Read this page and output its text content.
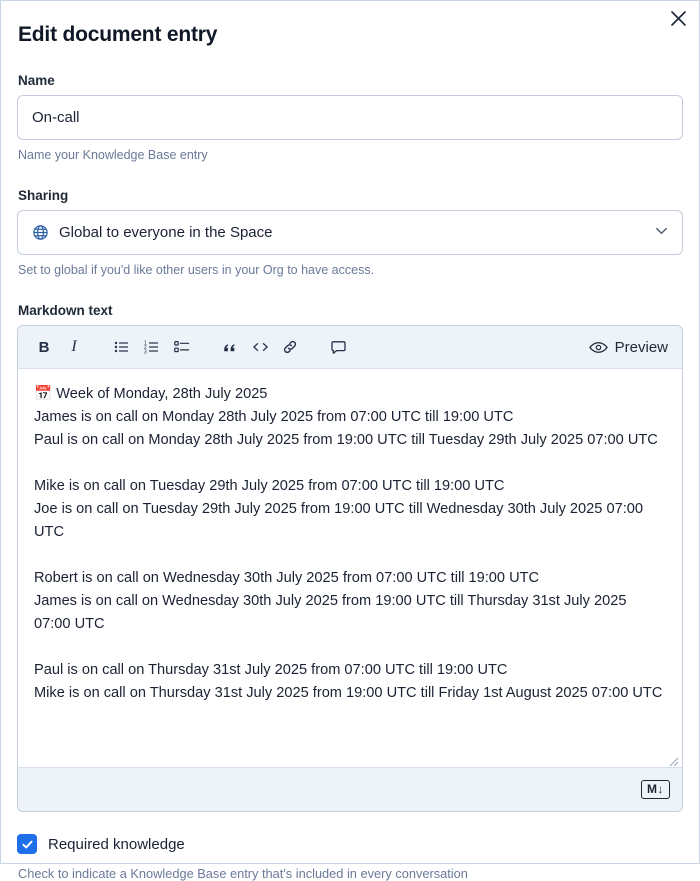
Edit document entry
Name
On-call
Name your Knowledge Base entry
Sharing
Global to everyone in the Space
Set to global if you'd like other users in your Org to have access.
Markdown text
B	I	1
2
3	Preview
📅 Week of Monday, 28th July 2025
James is on call on Monday 28th July 2025 from 07:00 UTC till 19:00 UTC
Paul is on call on Monday 28th July 2025 from 19:00 UTC till Tuesday 29th July 2025 07:00 UTC
Mike is on call on Tuesday 29th July 2025 from 07:00 UTC till 19:00 UTC
Joe is on call on Tuesday 29th July 2025 from 19:00 UTC till Wednesday 30th July 2025 07:00 UTC
Robert is on call on Wednesday 30th July 2025 from 07:00 UTC till 19:00 UTC
James is on call on Wednesday 30th July 2025 from 19:00 UTC till Thursday 31st July 2025 07:00 UTC
Paul is on call on Thursday 31st July 2025 from 07:00 UTC till 19:00 UTC
Mike is on call on Thursday 31st July 2025 from 19:00 UTC till Friday 1st August 2025 07:00 UTC
M↓
Required knowledge
Check to indicate a Knowledge Base entry that's included in every conversation
